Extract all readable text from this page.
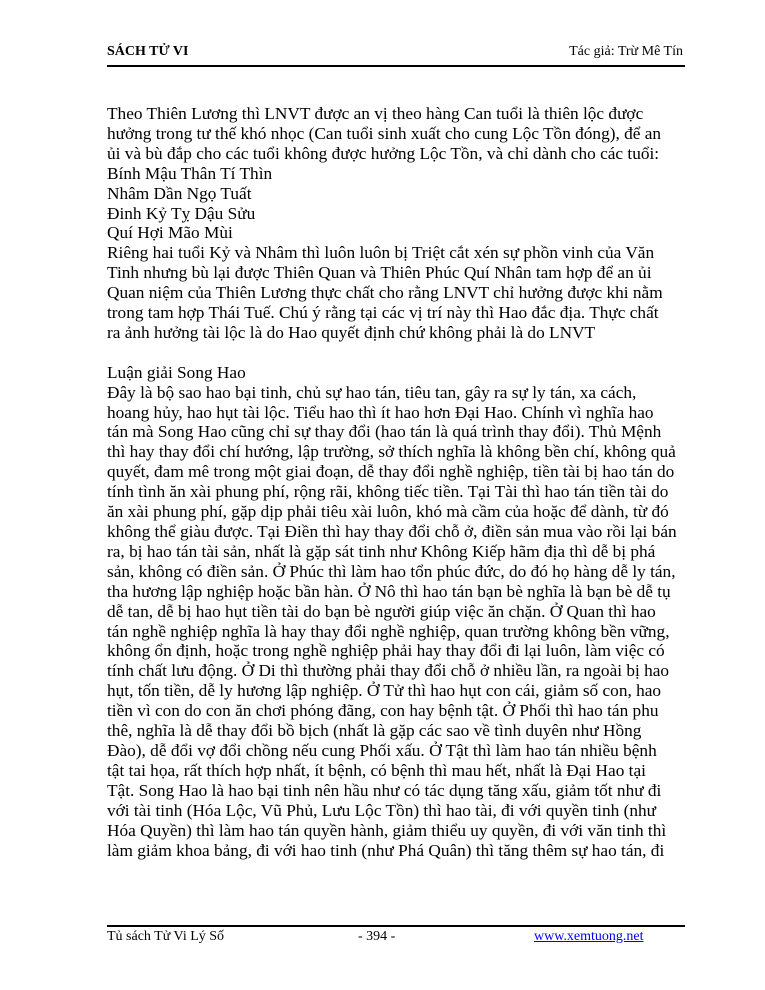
SÁCH TỬ VI	Tác giả: Trừ Mê Tín

Theo Thiên Lương thì LNVT được an vị theo hàng Can tuổi là thiên lộc được

hưởng trong tư thế khó nhọc (Can tuổi sinh xuất cho cung Lộc Tồn đóng), để an

ủi và bù đắp cho các tuổi không được hưởng Lộc Tồn, và chỉ dành cho các tuổi:

Bính Mậu Thân Tí Thìn

Nhâm Dần Ngọ Tuất

Đinh Kỷ Tỵ Dậu Sửu

Quí Hợi Mão Mùi

Riêng hai tuổi Kỷ và Nhâm thì luôn luôn bị Triệt cắt xén sự phồn vinh của Văn

Tinh nhưng bù lại được Thiên Quan và Thiên Phúc Quí Nhân tam hợp để an ủi

Quan niệm của Thiên Lương thực chất cho rằng LNVT chỉ hưởng được khi nằm

trong tam hợp Thái Tuế. Chú ý rằng tại các vị trí này thì Hao đắc địa. Thực chất

ra ảnh hưởng tài lộc là do Hao quyết định chứ không phải là do LNVT

Luận giải Song Hao

Đây là bộ sao hao bại tinh, chủ sự hao tán, tiêu tan, gây ra sự ly tán, xa cách,

hoang hủy, hao hụt tài lộc. Tiểu hao thì ít hao hơn Đại Hao. Chính vì nghĩa hao

tán mà Song Hao cũng chỉ sự thay đổi (hao tán là quá trình thay đổi). Thủ Mệnh

thì hay thay đổi chí hướng, lập trường, sở thích nghĩa là không bền chí, không quả

quyết, đam mê trong một giai đoạn, dễ thay đổi nghề nghiệp, tiền tài bị hao tán do

tính tình ăn xài phung phí, rộng rãi, không tiếc tiền. Tại Tài thì hao tán tiền tài do

ăn xài phung phí, gặp dịp phải tiêu xài luôn, khó mà cầm của hoặc để dành, từ đó

không thể giàu được. Tại Điền thì hay thay đổi chỗ ở, điền sản mua vào rồi lại bán

ra, bị hao tán tài sản, nhất là gặp sát tinh như Không Kiếp hãm địa thì dễ bị phá

sản, không có điền sản. Ở Phúc thì làm hao tổn phúc đức, do đó họ hàng dễ ly tán,

tha hương lập nghiệp hoặc bần hàn. Ở Nô thì hao tán bạn bè nghĩa là bạn bè dễ tụ

dễ tan, dễ bị hao hụt tiền tài do bạn bè người giúp việc ăn chặn. Ở Quan thì hao

tán nghề nghiệp nghĩa là hay thay đổi nghề nghiệp, quan trường không bền vững,

không ổn định, hoặc trong nghề nghiệp phải hay thay đổi đi lại luôn, làm việc có

tính chất lưu động. Ở Di thì thường phải thay đổi chỗ ở nhiều lần, ra ngoài bị hao

hụt, tốn tiền, dễ ly hương lập nghiệp. Ở Tử thì hao hụt con cái, giảm số con, hao

tiền vì con do con ăn chơi phóng đãng, con hay bệnh tật. Ở Phối thì hao tán phu

thê, nghĩa là dễ thay đổi bồ bịch (nhất là gặp các sao về tình duyên như Hồng

Đào), dễ đổi vợ đổi chồng nếu cung Phối xấu. Ở Tật thì làm hao tán nhiều bệnh

tật tai họa, rất thích hợp nhất, ít bệnh, có bệnh thì mau hết, nhất là Đại Hao tại

Tật. Song Hao là hao bại tinh nên hầu như có tác dụng tăng xấu, giảm tốt như đi

với tài tinh (Hóa Lộc, Vũ Phủ, Lưu Lộc Tồn) thì hao tài, đi với quyền tinh (như

Hóa Quyền) thì làm hao tán quyền hành, giảm thiểu uy quyền, đi với văn tinh thì

làm giảm khoa bảng, đi với hao tinh (như Phá Quân) thì tăng thêm sự hao tán, đi

Tủ sách Tử Vi Lý Số	- 394 -	www.xemtuong.net
